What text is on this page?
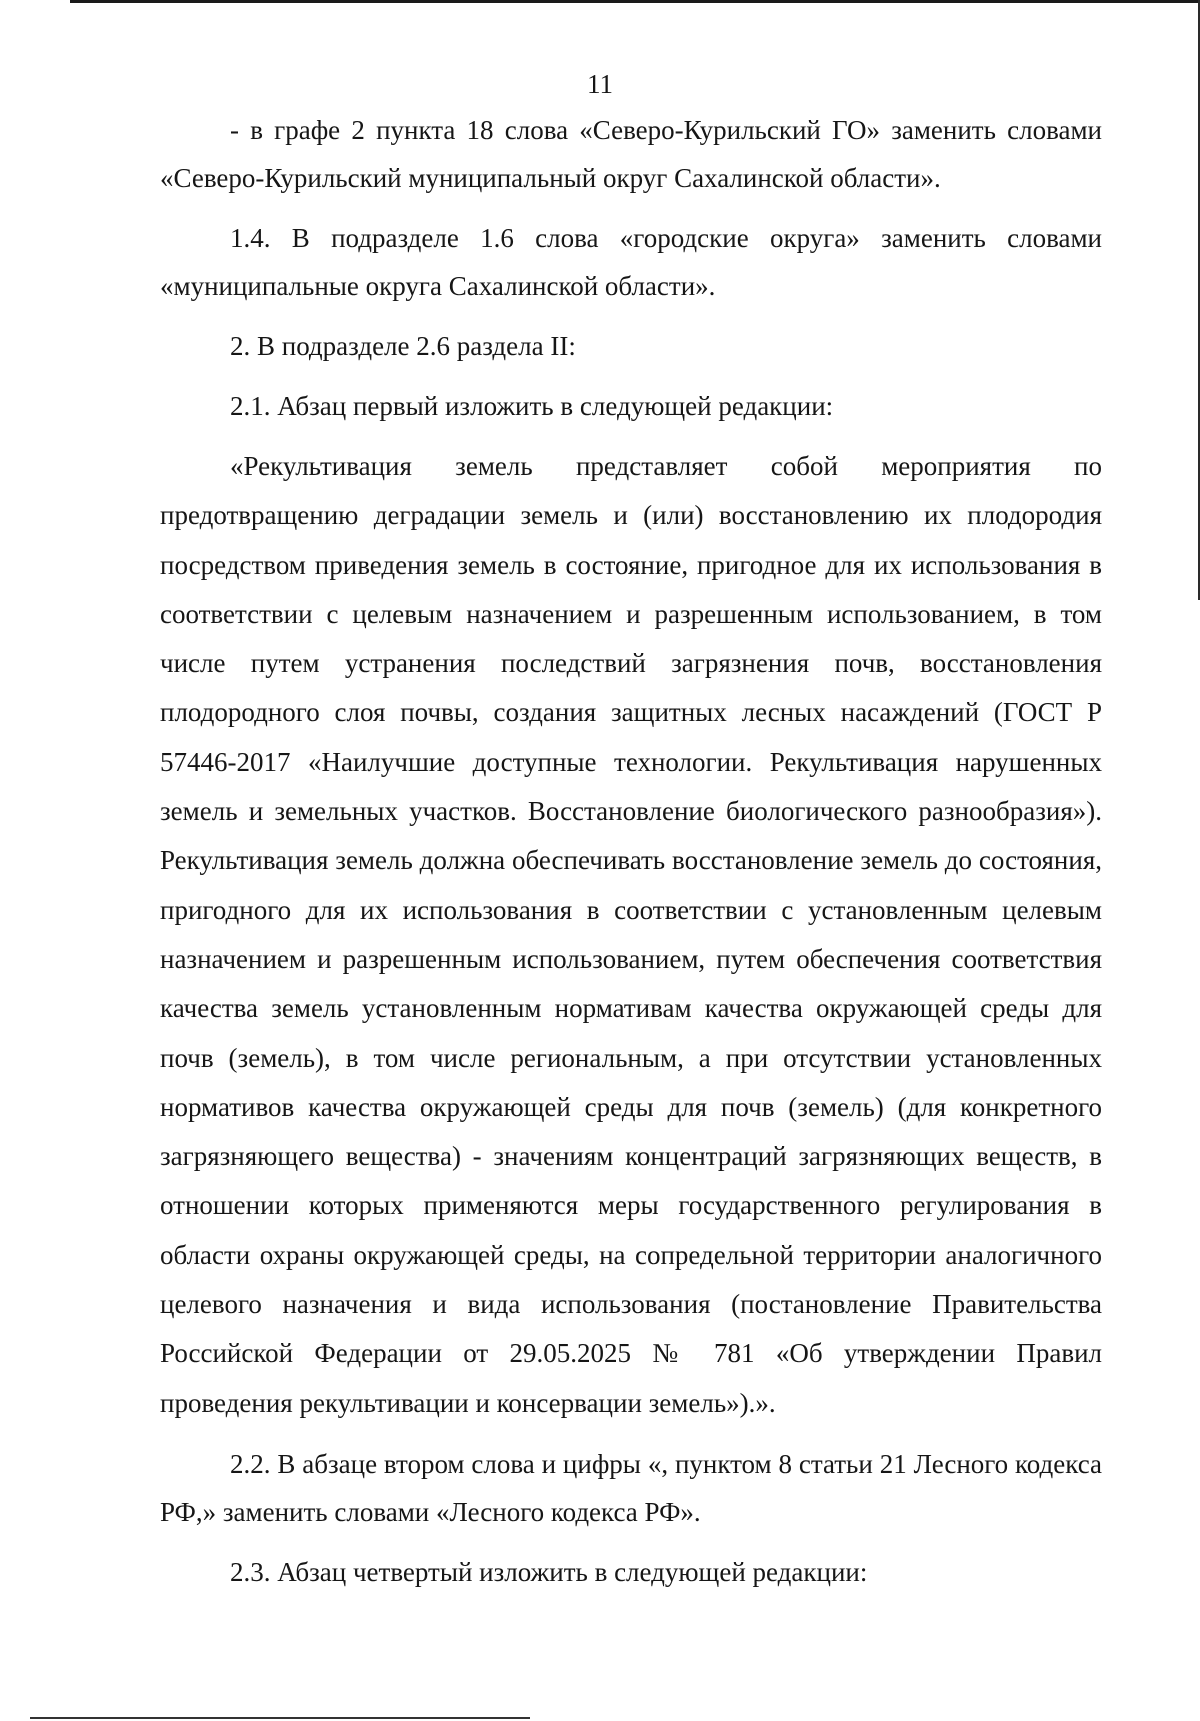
11

- в графе 2 пункта 18 слова «Северо-Курильский ГО» заменить словами «Северо-Курильский муниципальный округ Сахалинской области».

1.4. В подразделе 1.6 слова «городские округа» заменить словами «муниципальные округа Сахалинской области».

2. В подразделе 2.6 раздела II:

2.1. Абзац первый изложить в следующей редакции:

«Рекультивация земель представляет собой мероприятия по предотвращению деградации земель и (или) восстановлению их плодородия посредством приведения земель в состояние, пригодное для их использования в соответствии с целевым назначением и разрешенным использованием, в том числе путем устранения последствий загрязнения почв, восстановления плодородного слоя почвы, создания защитных лесных насаждений (ГОСТ Р 57446-2017 «Наилучшие доступные технологии. Рекультивация нарушенных земель и земельных участков. Восстановление биологического разнообразия»). Рекультивация земель должна обеспечивать восстановление земель до состояния, пригодного для их использования в соответствии с установленным целевым назначением и разрешенным использованием, путем обеспечения соответствия качества земель установленным нормативам качества окружающей среды для почв (земель), в том числе региональным, а при отсутствии установленных нормативов качества окружающей среды для почв (земель) (для конкретного загрязняющего вещества) - значениям концентраций загрязняющих веществ, в отношении которых применяются меры государственного регулирования в области охраны окружающей среды, на сопредельной территории аналогичного целевого назначения и вида использования (постановление Правительства Российской Федерации от 29.05.2025 № 781 «Об утверждении Правил проведения рекультивации и консервации земель»).».

2.2. В абзаце втором слова и цифры «, пунктом 8 статьи 21 Лесного кодекса РФ,» заменить словами «Лесного кодекса РФ».

2.3. Абзац четвертый изложить в следующей редакции:
